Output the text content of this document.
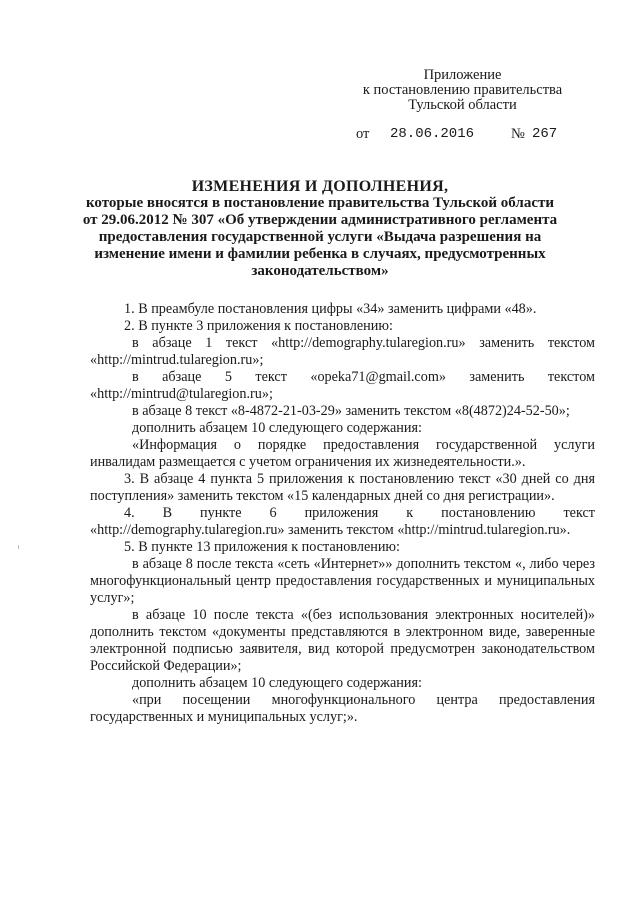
Приложение
к постановлению правительства
Тульской области
от 28.06.2016	№ 267
ИЗМЕНЕНИЯ И ДОПОЛНЕНИЯ,
которые вносятся в постановление правительства Тульской области
от 29.06.2012 № 307 «Об утверждении административного регламента
предоставления государственной услуги «Выдача разрешения на
изменение имени и фамилии ребенка в случаях, предусмотренных
законодательством»

1. В преамбуле постановления цифры «34» заменить цифрами «48».

2. В пункте 3 приложения к постановлению:

в абзаце 1 текст «http://demography.tularegion.ru» заменить текстом «http://mintrud.tularegion.ru»;

в абзаце 5 текст «opeka71@gmail.com» заменить текстом «http://mintrud@tularegion.ru»;

в абзаце 8 текст «8-4872-21-03-29» заменить текстом «8(4872)24-52-50»;

дополнить абзацем 10 следующего содержания:

«Информация о порядке предоставления государственной услуги инвалидам размещается с учетом ограничения их жизнедеятельности.».

3. В абзаце 4 пункта 5 приложения к постановлению текст «30 дней со дня поступления» заменить текстом «15 календарных дней со дня регистрации».

4. В пункте 6 приложения к постановлению текст «http://demography.tularegion.ru» заменить текстом «http://mintrud.tularegion.ru».

5. В пункте 13 приложения к постановлению:

в абзаце 8 после текста «сеть «Интернет»» дополнить текстом «, либо через многофункциональный центр предоставления государственных и муниципальных услуг»;

в абзаце 10 после текста «(без использования электронных носителей)» дополнить текстом «документы представляются в электронном виде, заверенные электронной подписью заявителя, вид которой предусмотрен законодательством Российской Федерации»;

дополнить абзацем 10 следующего содержания:

«при посещении многофункционального центра предоставления государственных и муниципальных услуг;».
